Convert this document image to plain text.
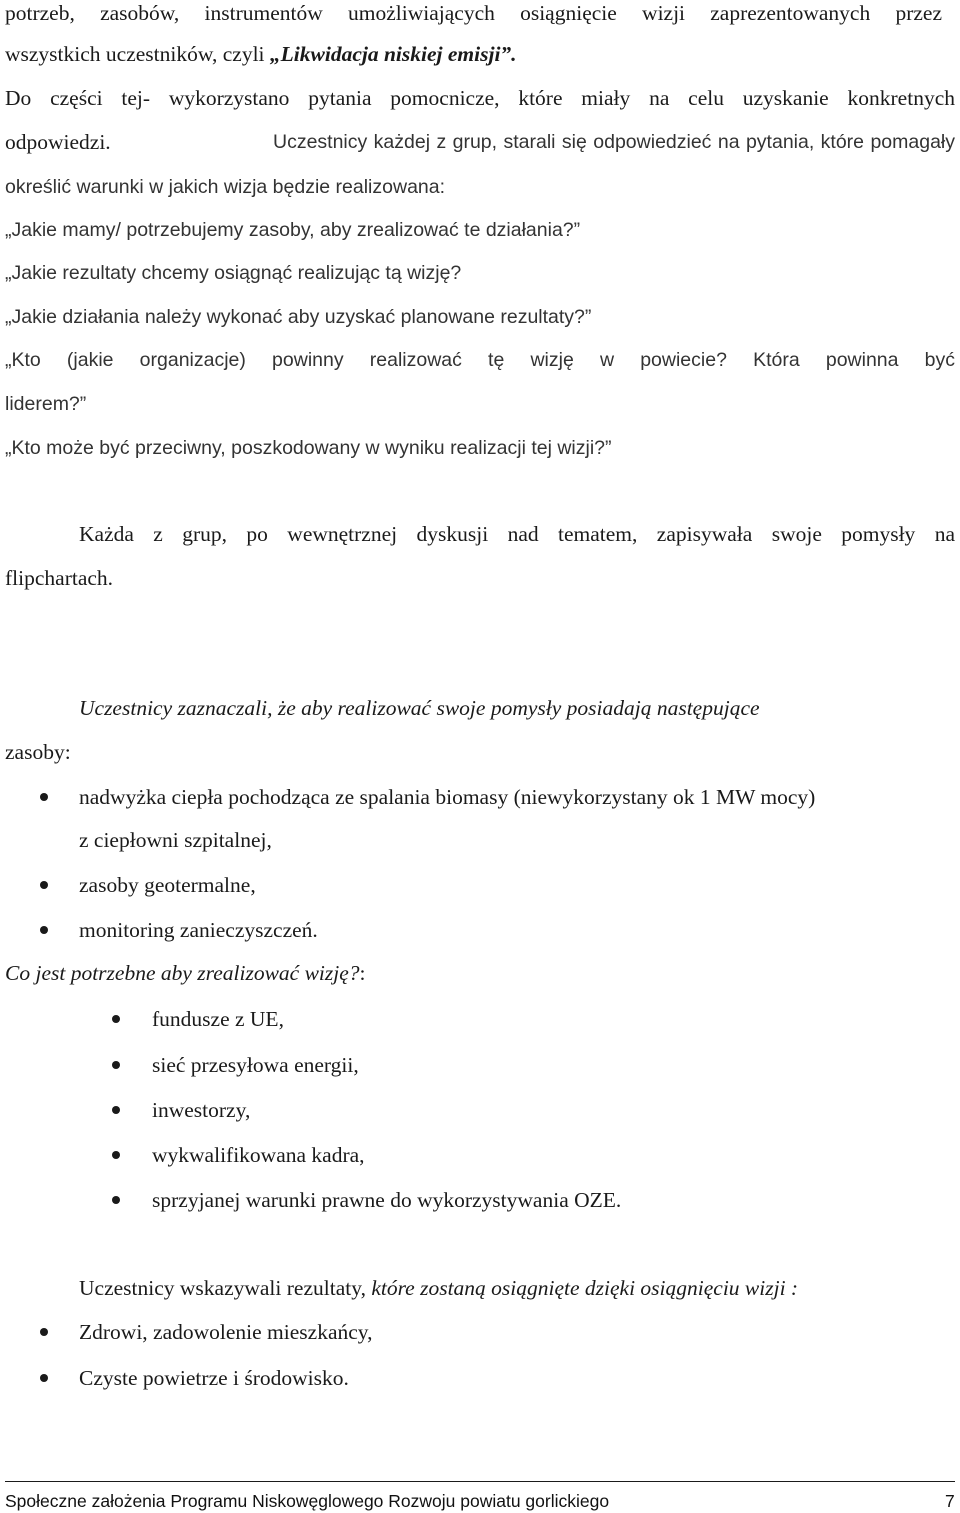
potrzeb, zasobów, instrumentów umożliwiających osiągnięcie wizji zaprezentowanych przez
wszystkich uczestników, czyli „Likwidacja niskiej emisji”.
Do części tej- wykorzystano pytania pomocnicze, które miały na celu uzyskanie konkretnych
odpowiedzi.	Uczestnicy każdej z grup, starali się odpowiedzieć na pytania, które pomagały
określić warunki w jakich wizja będzie realizowana:
„Jakie mamy/ potrzebujemy zasoby, aby zrealizować te działania?”
„Jakie rezultaty chcemy osiągnąć realizując tą wizję?
„Jakie działania należy wykonać aby uzyskać planowane rezultaty?”
„Kto (jakie organizacje) powinny realizować tę wizję w powiecie? Która powinna być
liderem?”
„Kto może być przeciwny, poszkodowany w wyniku realizacji tej wizji?”
Każda z grup, po wewnętrznej dyskusji nad tematem, zapisywała swoje pomysły na
flipchartach.
Uczestnicy zaznaczali, że aby realizować swoje pomysły posiadają następujące
zasoby:
nadwyżka ciepła pochodząca ze spalania biomasy (niewykorzystany ok 1 MW mocy)
z ciepłowni szpitalnej,
zasoby geotermalne,
monitoring zanieczyszczeń.
Co jest potrzebne aby zrealizować wizję?:
fundusze z UE,
sieć przesyłowa energii,
inwestorzy,
wykwalifikowana kadra,
sprzyjanej warunki prawne do wykorzystywania OZE.
Uczestnicy wskazywali rezultaty, które zostaną osiągnięte dzięki osiągnięciu wizji :
Zdrowi, zadowolenie mieszkańcy,
Czyste powietrze i środowisko.
Społeczne założenia Programu Niskowęglowego Rozwoju powiatu gorlickiego	7
